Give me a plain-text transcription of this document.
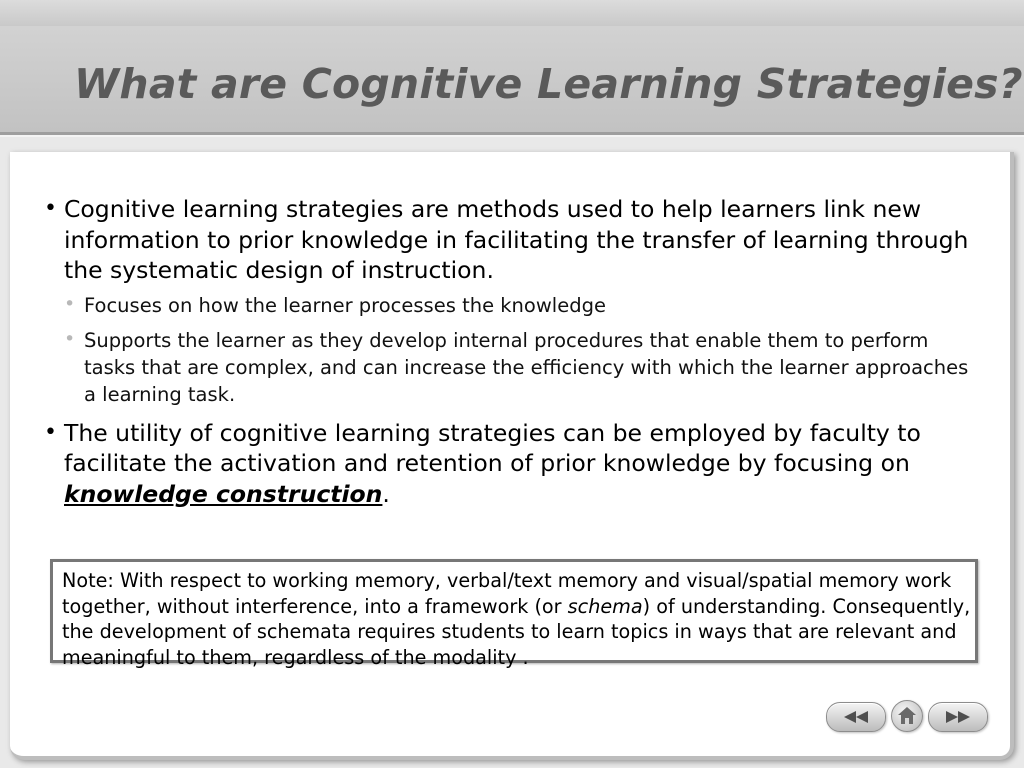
What are Cognitive Learning Strategies?
• Cognitive learning strategies are methods used to help learners link new information to prior knowledge in facilitating the transfer of learning through the systematic design of instruction.
• Focuses on how the learner processes the knowledge
• Supports the learner as they develop internal procedures that enable them to perform tasks that are complex, and can increase the efficiency with which the learner approaches a learning task.
• The utility of cognitive learning strategies can be employed by faculty to facilitate the activation and retention of prior knowledge by focusing on knowledge construction.
Note: With respect to working memory, verbal/text memory and visual/spatial memory work together, without interference, into a framework (or schema) of understanding. Consequently, the development of schemata requires students to learn topics in ways that are relevant and meaningful to them, regardless of the modality .
